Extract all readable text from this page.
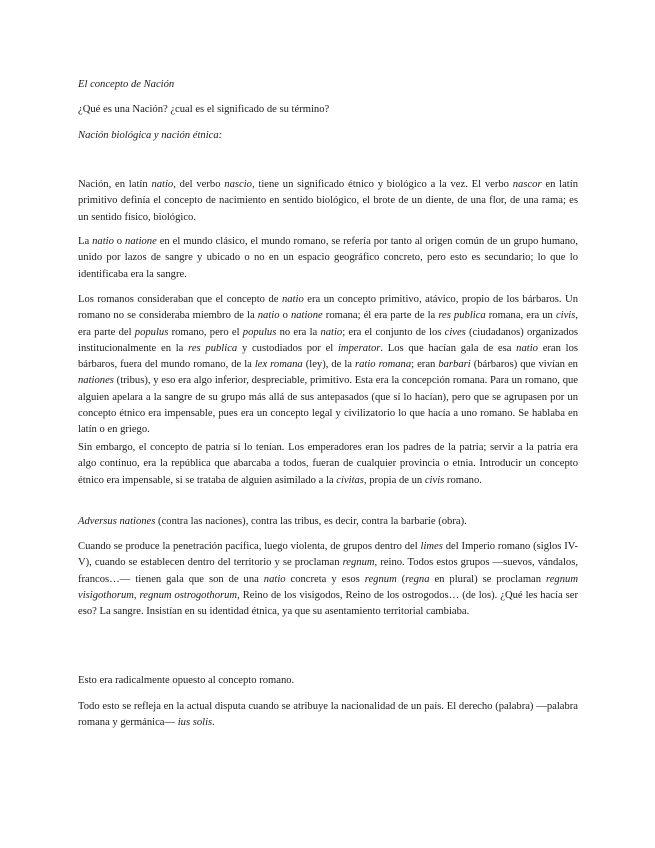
El concepto de Nación

¿Qué es una Nación? ¿cual es el significado de su término?

Nación biológica y nación étnica:

Nación, en latín natio, del verbo nascio, tiene un significado étnico y biológico a la vez. El verbo nascor en latín primitivo definía el concepto de nacimiento en sentido biológico, el brote de un diente, de una flor, de una rama; es un sentido físico, biológico.

La natio o natione en el mundo clásico, el mundo romano, se refería por tanto al origen común de un grupo humano, unido por lazos de sangre y ubicado o no en un espacio geográfico concreto, pero esto es secundario; lo que lo identificaba era la sangre.

Los romanos consideraban que el concepto de natio era un concepto primitivo, atávico, propio de los bárbaros. Un romano no se consideraba miembro de la natio o natione romana; él era parte de la res publica romana, era un civis, era parte del populus romano, pero el populus no era la natio; era el conjunto de los cives (ciudadanos) organizados institucionalmente en la res publica y custodiados por el imperator. Los que hacían gala de esa natio eran los bárbaros, fuera del mundo romano, de la lex romana (ley), de la ratio romana; eran barbari (bárbaros) que vivían en nationes (tribus), y eso era algo inferior, despreciable, primitivo. Esta era la concepción romana. Para un romano, que alguien apelara a la sangre de su grupo más allá de sus antepasados (que sí lo hacían), pero que se agrupasen por un concepto étnico era impensable, pues era un concepto legal y civilizatorio lo que hacía a uno romano. Se hablaba en latín o en griego.

Sin embargo, el concepto de patria sí lo tenían. Los emperadores eran los padres de la patria; servir a la patria era algo continuo, era la república que abarcaba a todos, fueran de cualquier provincia o etnia. Introducir un concepto étnico era impensable, si se trataba de alguien asimilado a la civitas, propia de un civis romano.

Adversus nationes (contra las naciones), contra las tribus, es decir, contra la barbarie (obra).

Cuando se produce la penetración pacífica, luego violenta, de grupos dentro del limes del Imperio romano (siglos IV-V), cuando se establecen dentro del territorio y se proclaman regnum, reino. Todos estos grupos —suevos, vándalos, francos…— tienen gala que son de una natio concreta y esos regnum (regna en plural) se proclaman regnum visigothorum, regnum ostrogothorum, Reino de los visigodos, Reino de los ostrogodos… (de los). ¿Qué les hacía ser eso? La sangre. Insistían en su identidad étnica, ya que su asentamiento territorial cambiaba.

Esto era radicalmente opuesto al concepto romano.

Todo esto se refleja en la actual disputa cuando se atribuye la nacionalidad de un país. El derecho (palabra) —palabra romana y germánica— ius solis.
